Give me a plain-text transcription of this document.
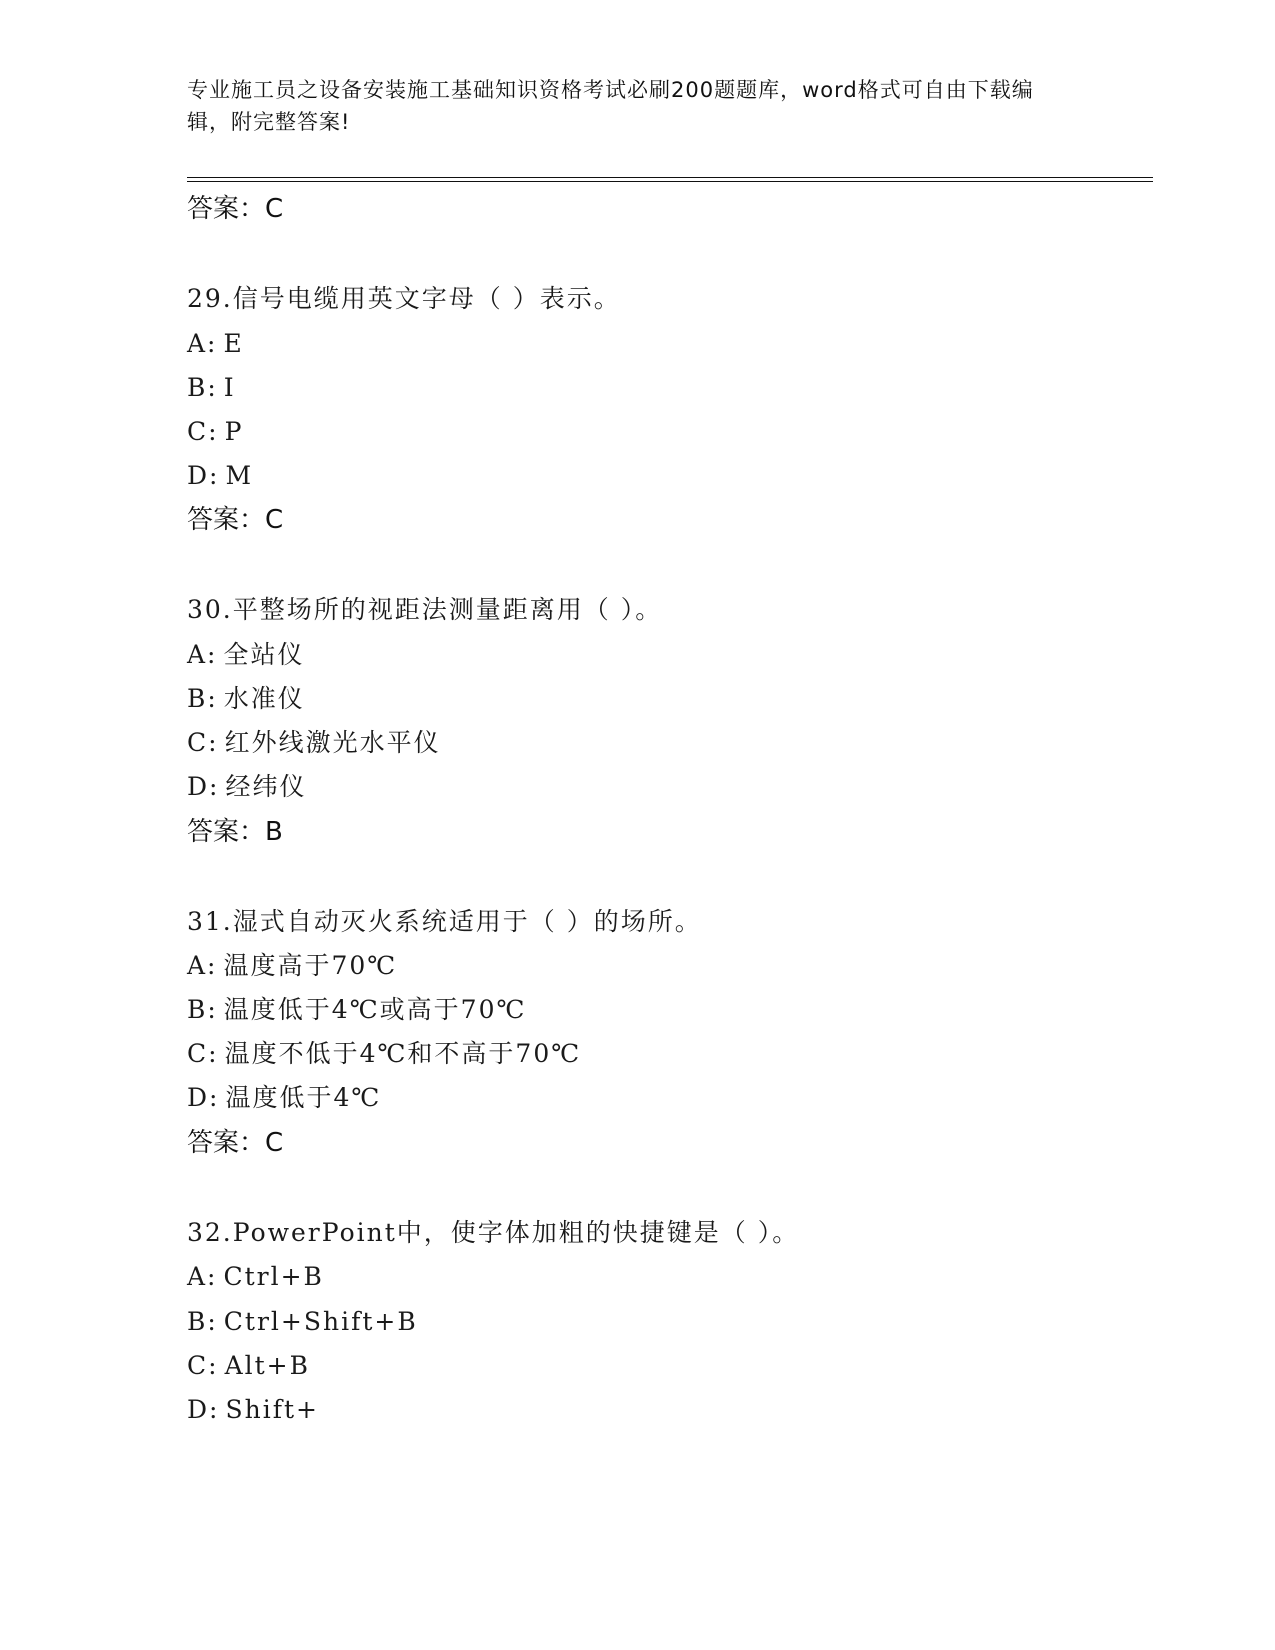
专业施工员之设备安装施工基础知识资格考试必刷200题题库，word格式可自由下载编辑，附完整答案!
答案：C
29.信号电缆用英文字母（ ）表示。
A: E
B: I
C: P
D: M
答案：C
30.平整场所的视距法测量距离用（ ）。
A: 全站仪
B: 水准仪
C: 红外线激光水平仪
D: 经纬仪
答案：B
31.湿式自动灭火系统适用于（ ）的场所。
A: 温度高于70℃
B: 温度低于4℃或高于70℃
C: 温度不低于4℃和不高于70℃
D: 温度低于4℃
答案：C
32.PowerPoint中，使字体加粗的快捷键是（ ）。
A: Ctrl+B
B: Ctrl+Shift+B
C: Alt+B
D: Shift+
